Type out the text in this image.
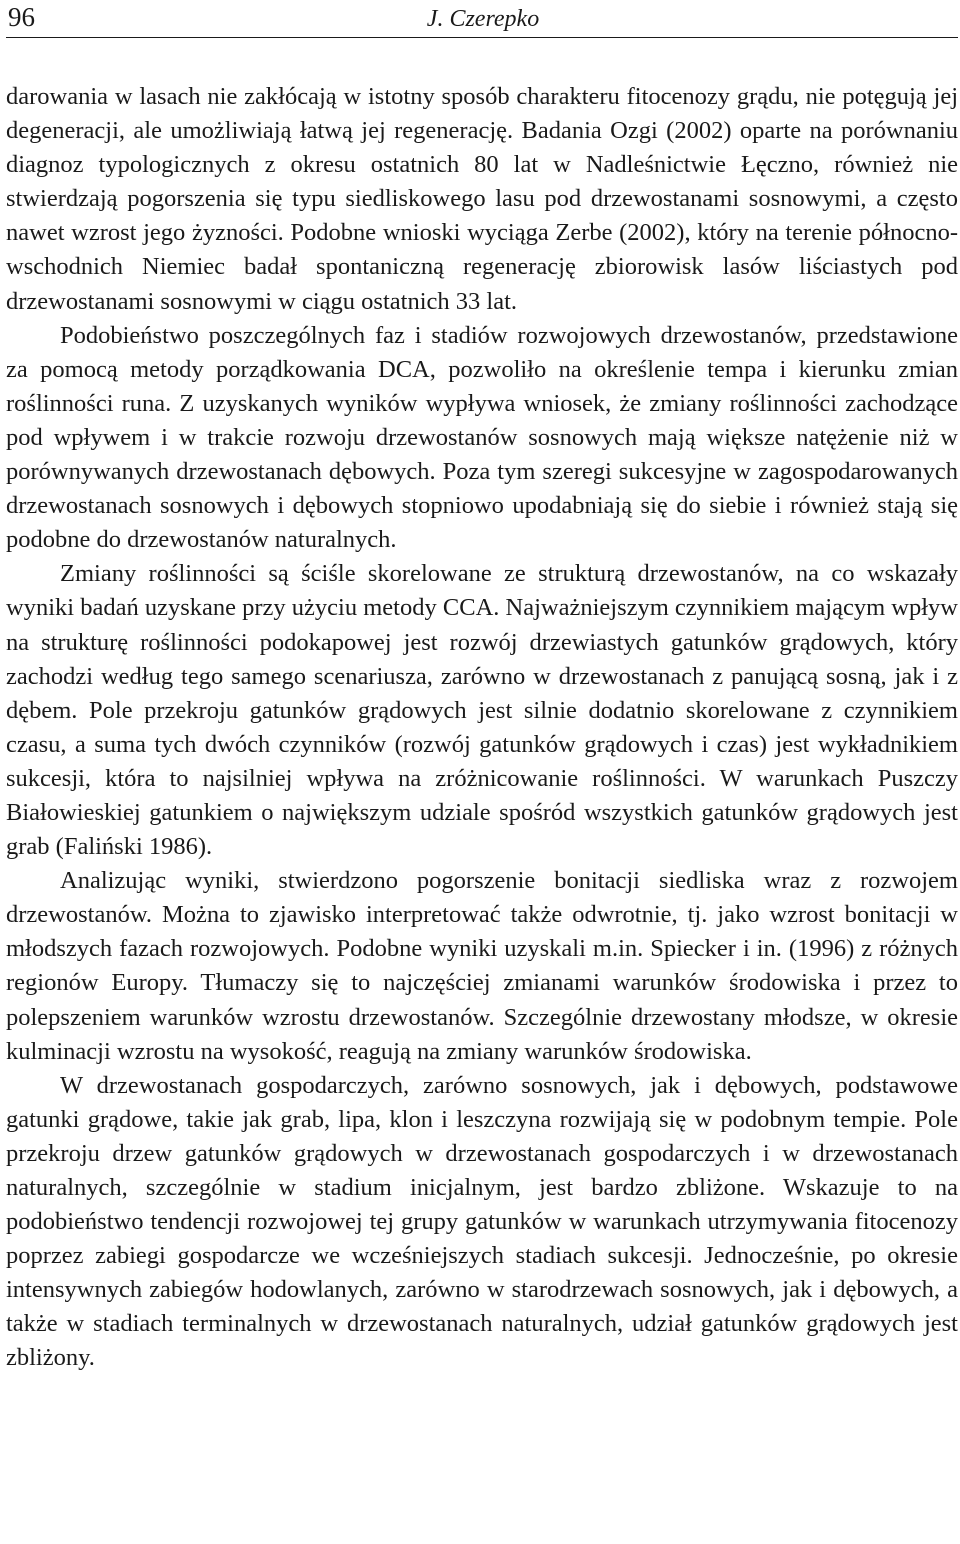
96	J. Czerepko

darowania w lasach nie zakłócają w istotny sposób charakteru fitocenozy grądu, nie potęgują jej degeneracji, ale umożliwiają łatwą jej regenerację. Badania Ozgi (2002) oparte na porównaniu diagnoz typologicznych z okresu ostatnich 80 lat w Nadleśnictwie Łęczno, również nie stwierdzają pogorszenia się typu siedliskowego lasu pod drzewostanami sosnowymi, a często nawet wzrost jego żyzności. Podobne wnioski wyciąga Zerbe (2002), który na terenie północno-wschodnich Niemiec badał spontaniczną regenerację zbiorowisk lasów liściastych pod drzewostanami sosnowymi w ciągu ostatnich 33 lat.

Podobieństwo poszczególnych faz i stadiów rozwojowych drzewostanów, przedstawione za pomocą metody porządkowania DCA, pozwoliło na określenie tempa i kierunku zmian roślinności runa. Z uzyskanych wyników wypływa wniosek, że zmiany roślinności zachodzące pod wpływem i w trakcie rozwoju drzewostanów sosnowych mają większe natężenie niż w porównywanych drzewostanach dębowych. Poza tym szeregi sukcesyjne w zagospodarowanych drzewostanach sosnowych i dębowych stopniowo upodabniają się do siebie i również stają się podobne do drzewostanów naturalnych.

Zmiany roślinności są ściśle skorelowane ze strukturą drzewostanów, na co wskazały wyniki badań uzyskane przy użyciu metody CCA. Najważniejszym czynnikiem mającym wpływ na strukturę roślinności podokapowej jest rozwój drzewiastych gatunków grądowych, który zachodzi według tego samego scenariusza, zarówno w drzewostanach z panującą sosną, jak i z dębem. Pole przekroju gatunków grądowych jest silnie dodatnio skorelowane z czynnikiem czasu, a suma tych dwóch czynników (rozwój gatunków grądowych i czas) jest wykładnikiem sukcesji, która to najsilniej wpływa na zróżnicowanie roślinności. W warunkach Puszczy Białowieskiej gatunkiem o największym udziale spośród wszystkich gatunków grądowych jest grab (Faliński 1986).

Analizując wyniki, stwierdzono pogorszenie bonitacji siedliska wraz z rozwojem drzewostanów. Można to zjawisko interpretować także odwrotnie, tj. jako wzrost bonitacji w młodszych fazach rozwojowych. Podobne wyniki uzyskali m.in. Spiecker i in. (1996) z różnych regionów Europy. Tłumaczy się to najczęściej zmianami warunków środowiska i przez to polepszeniem warunków wzrostu drzewostanów. Szczególnie drzewostany młodsze, w okresie kulminacji wzrostu na wysokość, reagują na zmiany warunków środowiska.

W drzewostanach gospodarczych, zarówno sosnowych, jak i dębowych, podstawowe gatunki grądowe, takie jak grab, lipa, klon i leszczyna rozwijają się w podobnym tempie. Pole przekroju drzew gatunków grądowych w drzewostanach gospodarczych i w drzewostanach naturalnych, szczególnie w stadium inicjalnym, jest bardzo zbliżone. Wskazuje to na podobieństwo tendencji rozwojowej tej grupy gatunków w warunkach utrzymywania fitocenozy poprzez zabiegi gospodarcze we wcześniejszych stadiach sukcesji. Jednocześnie, po okresie intensywnych zabiegów hodowlanych, zarówno w starodrzewach sosnowych, jak i dębowych, a także w stadiach terminalnych w drzewostanach naturalnych, udział gatunków grądowych jest zbliżony.
